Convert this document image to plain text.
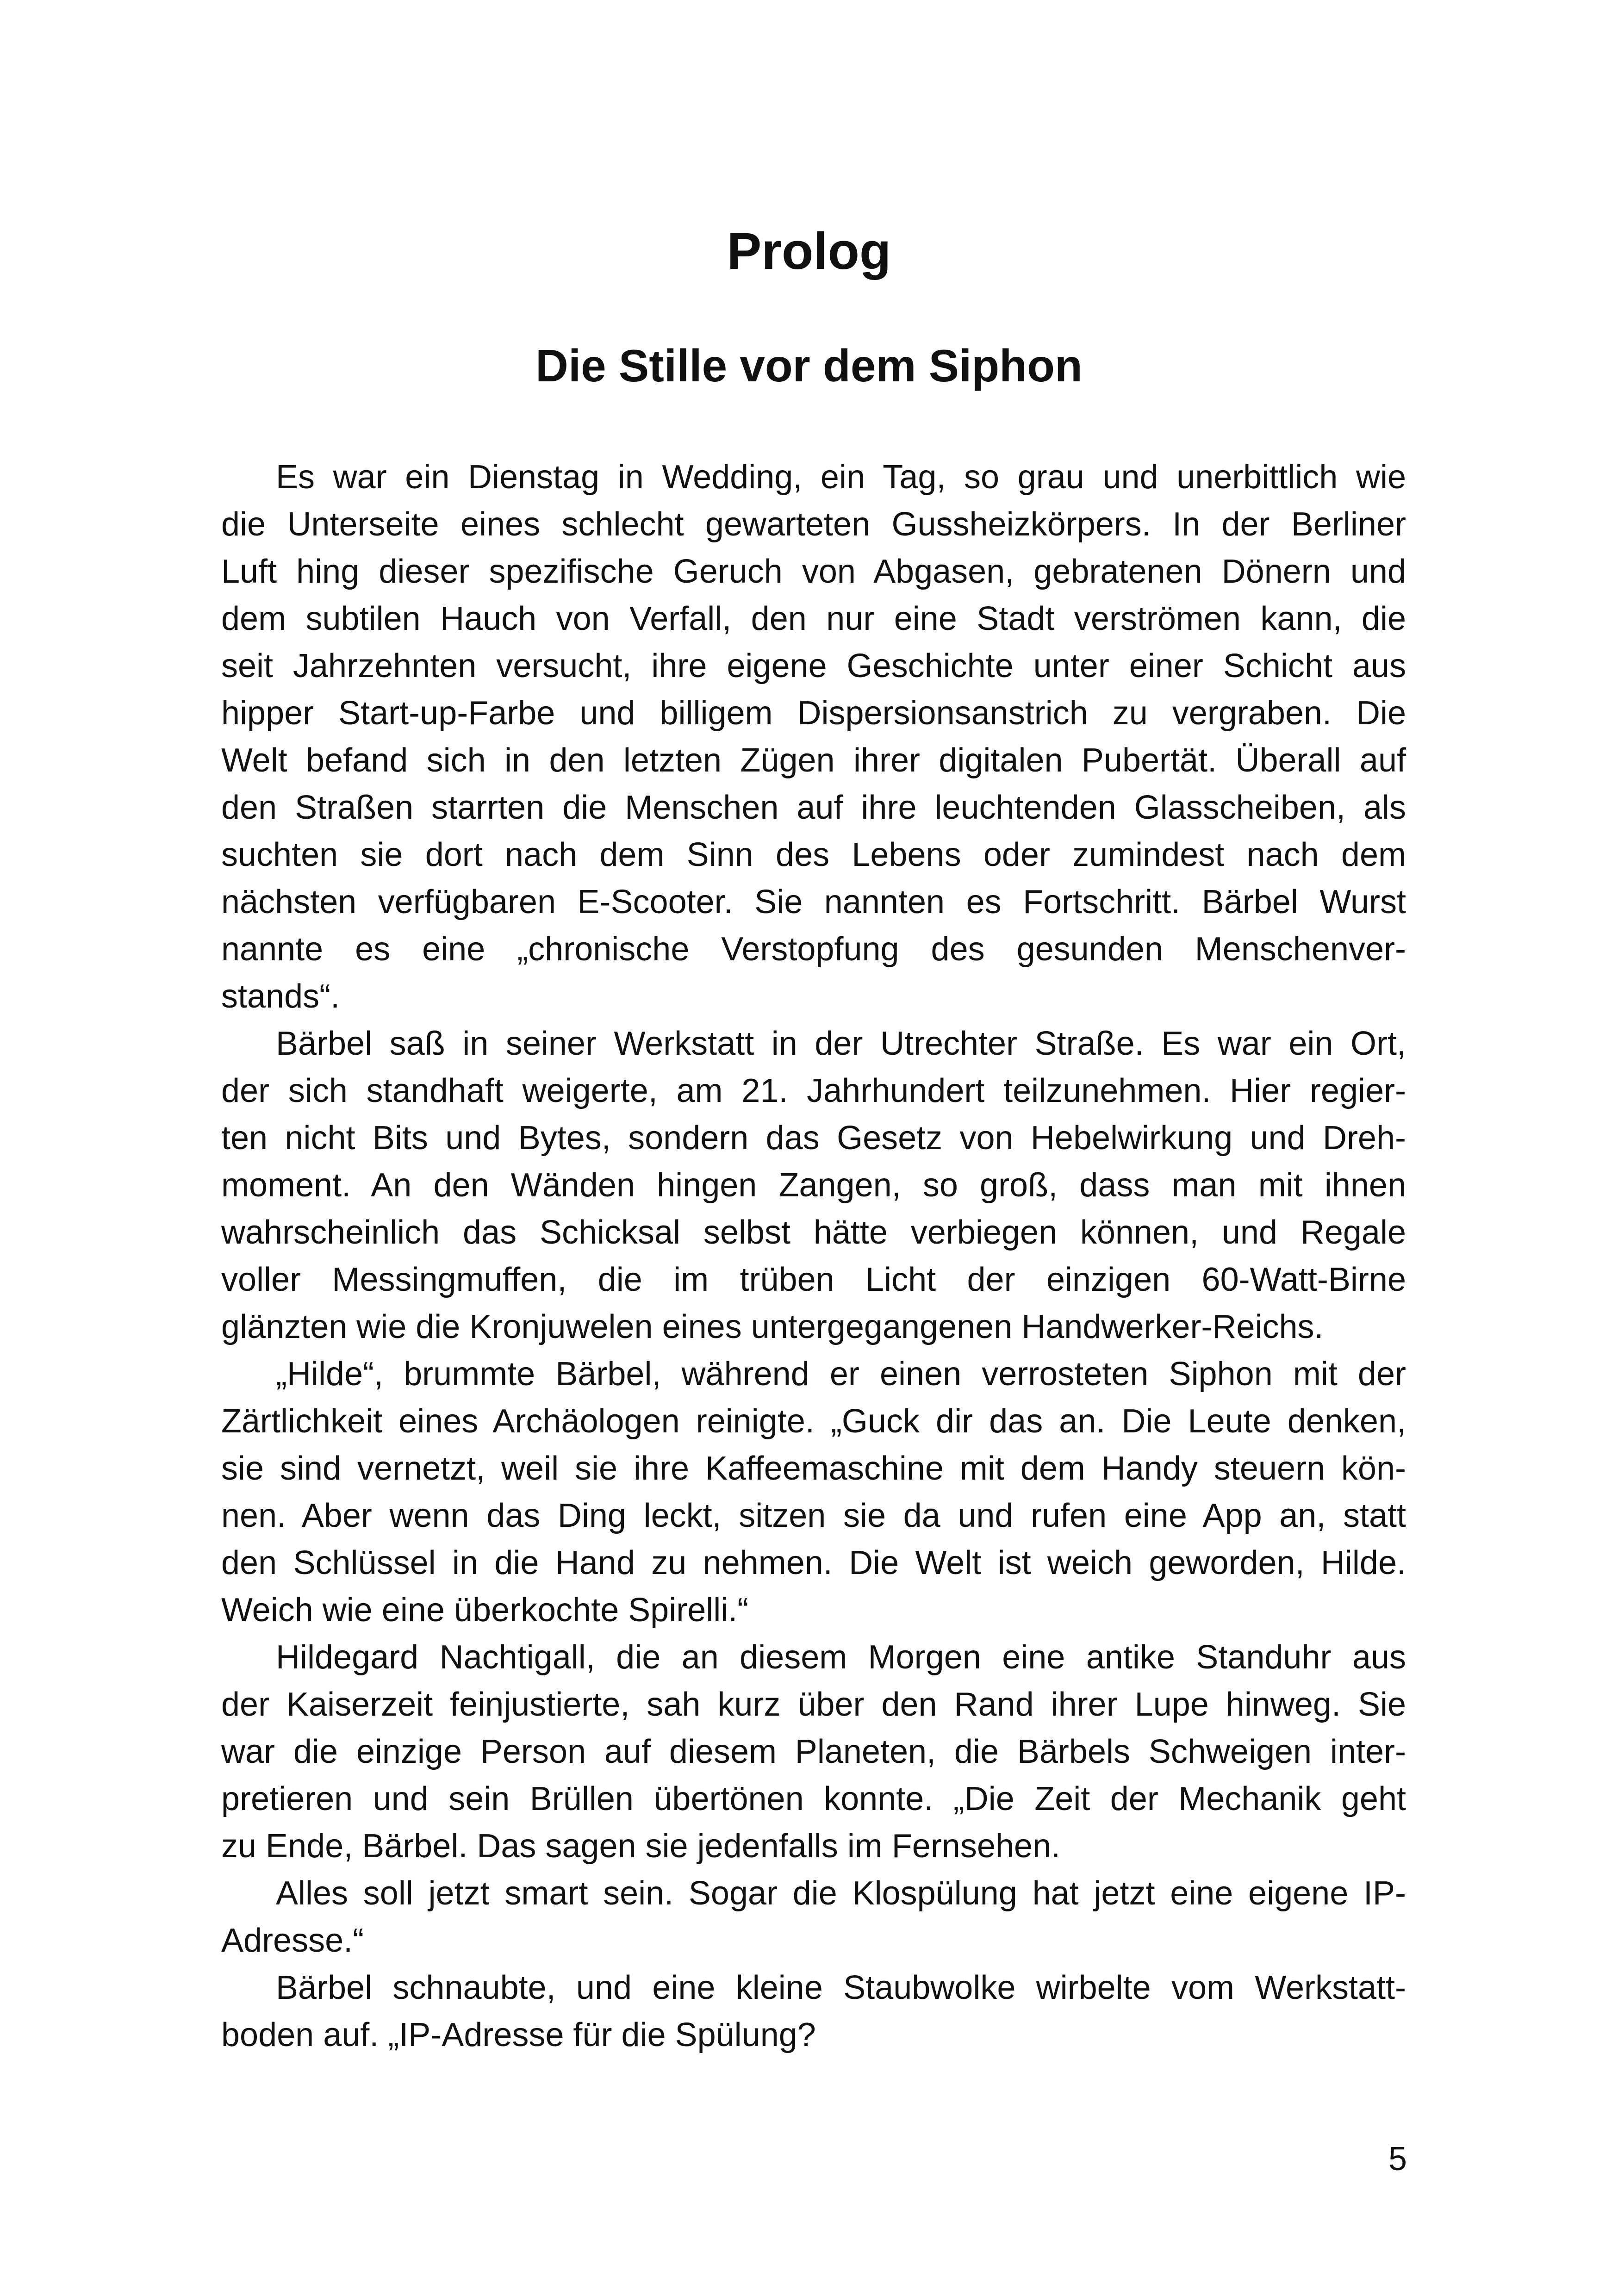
Prolog
Die Stille vor dem Siphon
Es war ein Dienstag in Wedding, ein Tag, so grau und unerbittlich wie
die Unterseite eines schlecht gewarteten Gussheizkörpers. In der Berliner
Luft hing dieser spezifische Geruch von Abgasen, gebratenen Dönern und
dem subtilen Hauch von Verfall, den nur eine Stadt verströmen kann, die
seit Jahrzehnten versucht, ihre eigene Geschichte unter einer Schicht aus
hipper Start-up-Farbe und billigem Dispersionsanstrich zu vergraben. Die
Welt befand sich in den letzten Zügen ihrer digitalen Pubertät. Überall auf
den Straßen starrten die Menschen auf ihre leuchtenden Glasscheiben, als
suchten sie dort nach dem Sinn des Lebens oder zumindest nach dem
nächsten verfügbaren E-Scooter. Sie nannten es Fortschritt. Bärbel Wurst
nannte es eine „chronische Verstopfung des gesunden Menschenver-
stands“.
Bärbel saß in seiner Werkstatt in der Utrechter Straße. Es war ein Ort,
der sich standhaft weigerte, am 21. Jahrhundert teilzunehmen. Hier regier-
ten nicht Bits und Bytes, sondern das Gesetz von Hebelwirkung und Dreh-
moment. An den Wänden hingen Zangen, so groß, dass man mit ihnen
wahrscheinlich das Schicksal selbst hätte verbiegen können, und Regale
voller Messingmuffen, die im trüben Licht der einzigen 60-Watt-Birne
glänzten wie die Kronjuwelen eines untergegangenen Handwerker-Reichs.
„Hilde“, brummte Bärbel, während er einen verrosteten Siphon mit der
Zärtlichkeit eines Archäologen reinigte. „Guck dir das an. Die Leute denken,
sie sind vernetzt, weil sie ihre Kaffeemaschine mit dem Handy steuern kön-
nen. Aber wenn das Ding leckt, sitzen sie da und rufen eine App an, statt
den Schlüssel in die Hand zu nehmen. Die Welt ist weich geworden, Hilde.
Weich wie eine überkochte Spirelli.“
Hildegard Nachtigall, die an diesem Morgen eine antike Standuhr aus
der Kaiserzeit feinjustierte, sah kurz über den Rand ihrer Lupe hinweg. Sie
war die einzige Person auf diesem Planeten, die Bärbels Schweigen inter-
pretieren und sein Brüllen übertönen konnte. „Die Zeit der Mechanik geht
zu Ende, Bärbel. Das sagen sie jedenfalls im Fernsehen.
Alles soll jetzt smart sein. Sogar die Klospülung hat jetzt eine eigene IP-
Adresse.“
Bärbel schnaubte, und eine kleine Staubwolke wirbelte vom Werkstatt-
boden auf. „IP-Adresse für die Spülung?
5
